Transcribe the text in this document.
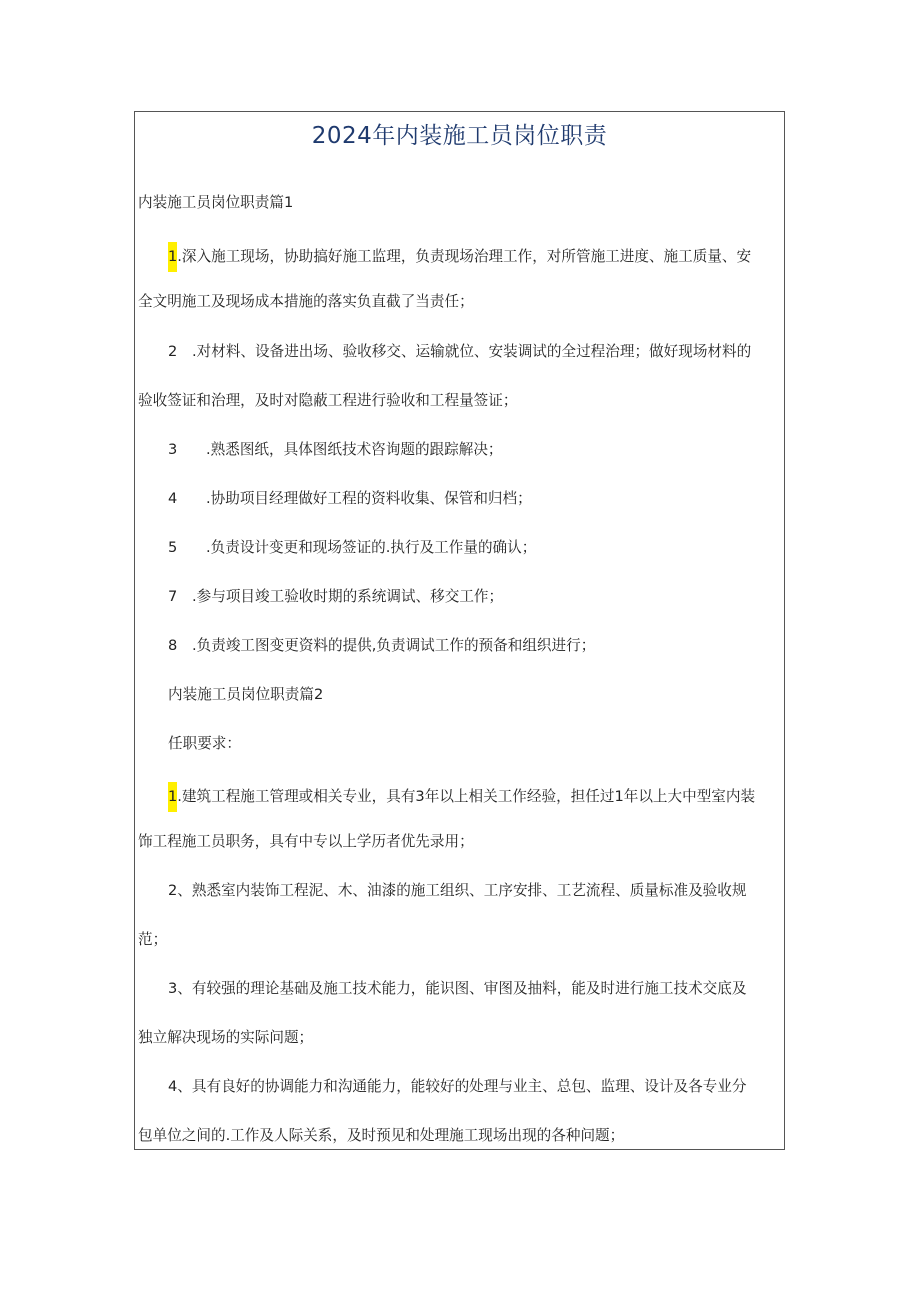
2024年内装施工员岗位职责
内装施工员岗位职责篇1
1.深入施工现场，协助搞好施工监理，负责现场治理工作，对所管施工进度、施工质量、安
全文明施工及现场成本措施的落实负直截了当责任；
2 .对材料、设备进出场、验收移交、运输就位、安装调试的全过程治理；做好现场材料的
验收签证和治理，及时对隐蔽工程进行验收和工程量签证；
3 .熟悉图纸，具体图纸技术咨询题的跟踪解决；
4 .协助项目经理做好工程的资料收集、保管和归档；
5 .负责设计变更和现场签证的.执行及工作量的确认；
7 .参与项目竣工验收时期的系统调试、移交工作；
8 .负责竣工图变更资料的提供,负责调试工作的预备和组织进行；
内装施工员岗位职责篇2
任职要求：
1.建筑工程施工管理或相关专业，具有3年以上相关工作经验，担任过1年以上大中型室内装
饰工程施工员职务，具有中专以上学历者优先录用；
2、熟悉室内装饰工程泥、木、油漆的施工组织、工序安排、工艺流程、质量标准及验收规
范；
3、有较强的理论基础及施工技术能力，能识图、审图及抽料，能及时进行施工技术交底及
独立解决现场的实际问题；
4、具有良好的协调能力和沟通能力，能较好的处理与业主、总包、监理、设计及各专业分
包单位之间的.工作及人际关系，及时预见和处理施工现场出现的各种问题；
